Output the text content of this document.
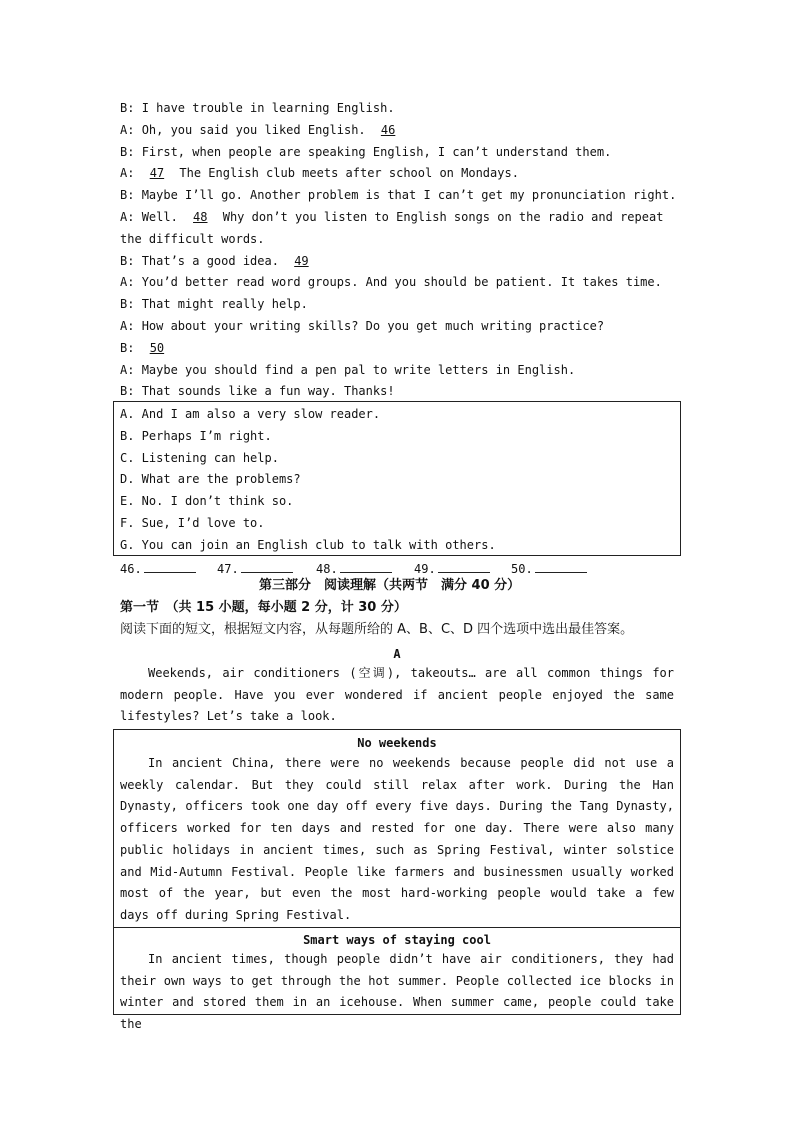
B: I have trouble in learning English.
A: Oh, you said you liked English. 46
B: First, when people are speaking English, I can’t understand them.
A: 47 The English club meets after school on Mondays.
B: Maybe I’ll go. Another problem is that I can’t get my pronunciation right.
A: Well. 48 Why don’t you listen to English songs on the radio and repeat
the difficult words.
B: That’s a good idea. 49
A: You’d better read word groups. And you should be patient. It takes time.
B: That might really help.
A: How about your writing skills? Do you get much writing practice?
B: 50
A: Maybe you should find a pen pal to write letters in English.
B: That sounds like a fun way. Thanks!
A. And I am also a very slow reader.
B. Perhaps I’m right.
C. Listening can help.
D. What are the problems?
E. No. I don’t think so.
F. Sue, I’d love to.
G. You can join an English club to talk with others.
46.	47.	48.	49.	50.
第三部分　阅读理解（共两节　满分 40 分）
第一节　（共 15 小题，每小题 2 分，计 30 分）
阅读下面的短文，根据短文内容，从每题所给的 A、B、C、D 四个选项中选出最佳答案。
A
Weekends, air conditioners (空调), takeouts… are all common things for modern people. Have you ever wondered if ancient people enjoyed the same lifestyles? Let’s take a look.
No weekends
In ancient China, there were no weekends because people did not use a weekly calendar. But they could still relax after work. During the Han Dynasty, officers took one day off every five days. During the Tang Dynasty, officers worked for ten days and rested for one day. There were also many public holidays in ancient times, such as Spring Festival, winter solstice and Mid-Autumn Festival. People like farmers and businessmen usually worked most of the year, but even the most hard-working people would take a few days off during Spring Festival.
Smart ways of staying cool
In ancient times, though people didn’t have air conditioners, they had their own ways to get through the hot summer. People collected ice blocks in winter and stored them in an icehouse. When summer came, people could take the
